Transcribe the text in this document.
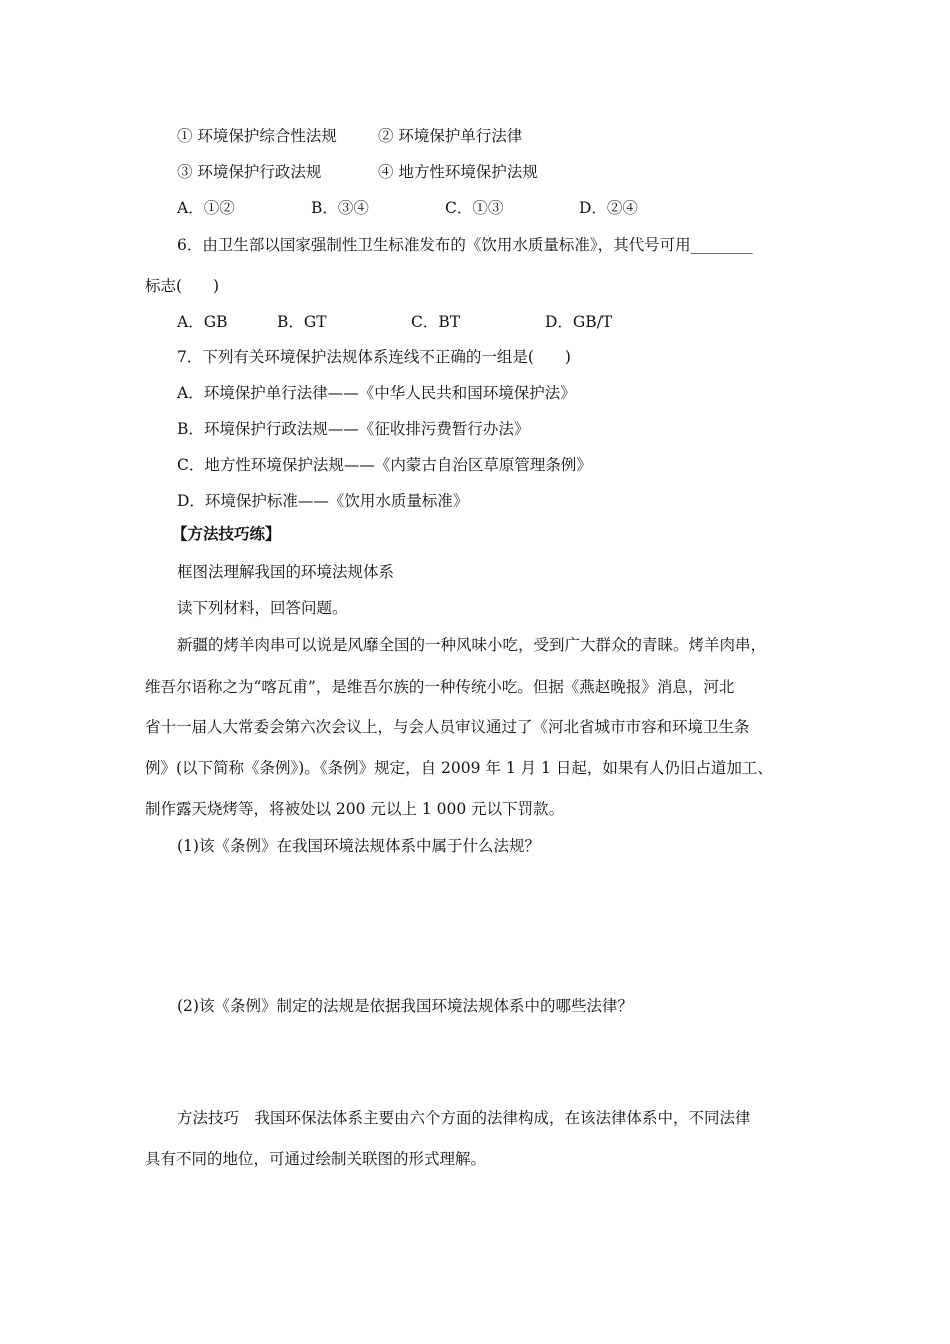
① 环境保护综合性法规	② 环境保护单行法律
③ 环境保护行政法规	④ 地方性环境保护法规
A．①②	B．③④	C．①③	D．②④
6．由卫生部以国家强制性卫生标准发布的《饮用水质量标准》，其代号可用________
标志(　　)
A．GB	B．GT	C．BT	D．GB/T
7．下列有关环境保护法规体系连线不正确的一组是(　　)
A．环境保护单行法律——《中华人民共和国环境保护法》
B．环境保护行政法规——《征收排污费暂行办法》
C．地方性环境保护法规——《内蒙古自治区草原管理条例》
D．环境保护标准——《饮用水质量标准》
【方法技巧练】
框图法理解我国的环境法规体系
读下列材料，回答问题。
新疆的烤羊肉串可以说是风靡全国的一种风味小吃，受到广大群众的青睐。烤羊肉串，
维吾尔语称之为“喀瓦甫”，是维吾尔族的一种传统小吃。但据《燕赵晚报》消息，河北
省十一届人大常委会第六次会议上，与会人员审议通过了《河北省城市市容和环境卫生条
例》(以下简称《条例》)。《条例》规定，自 2009 年 1 月 1 日起，如果有人仍旧占道加工、
制作露天烧烤等，将被处以 200 元以上 1 000 元以下罚款。
(1)该《条例》在我国环境法规体系中属于什么法规？
(2)该《条例》制定的法规是依据我国环境法规体系中的哪些法律？
方法技巧　我国环保法体系主要由六个方面的法律构成，在该法律体系中，不同法律
具有不同的地位，可通过绘制关联图的形式理解。
